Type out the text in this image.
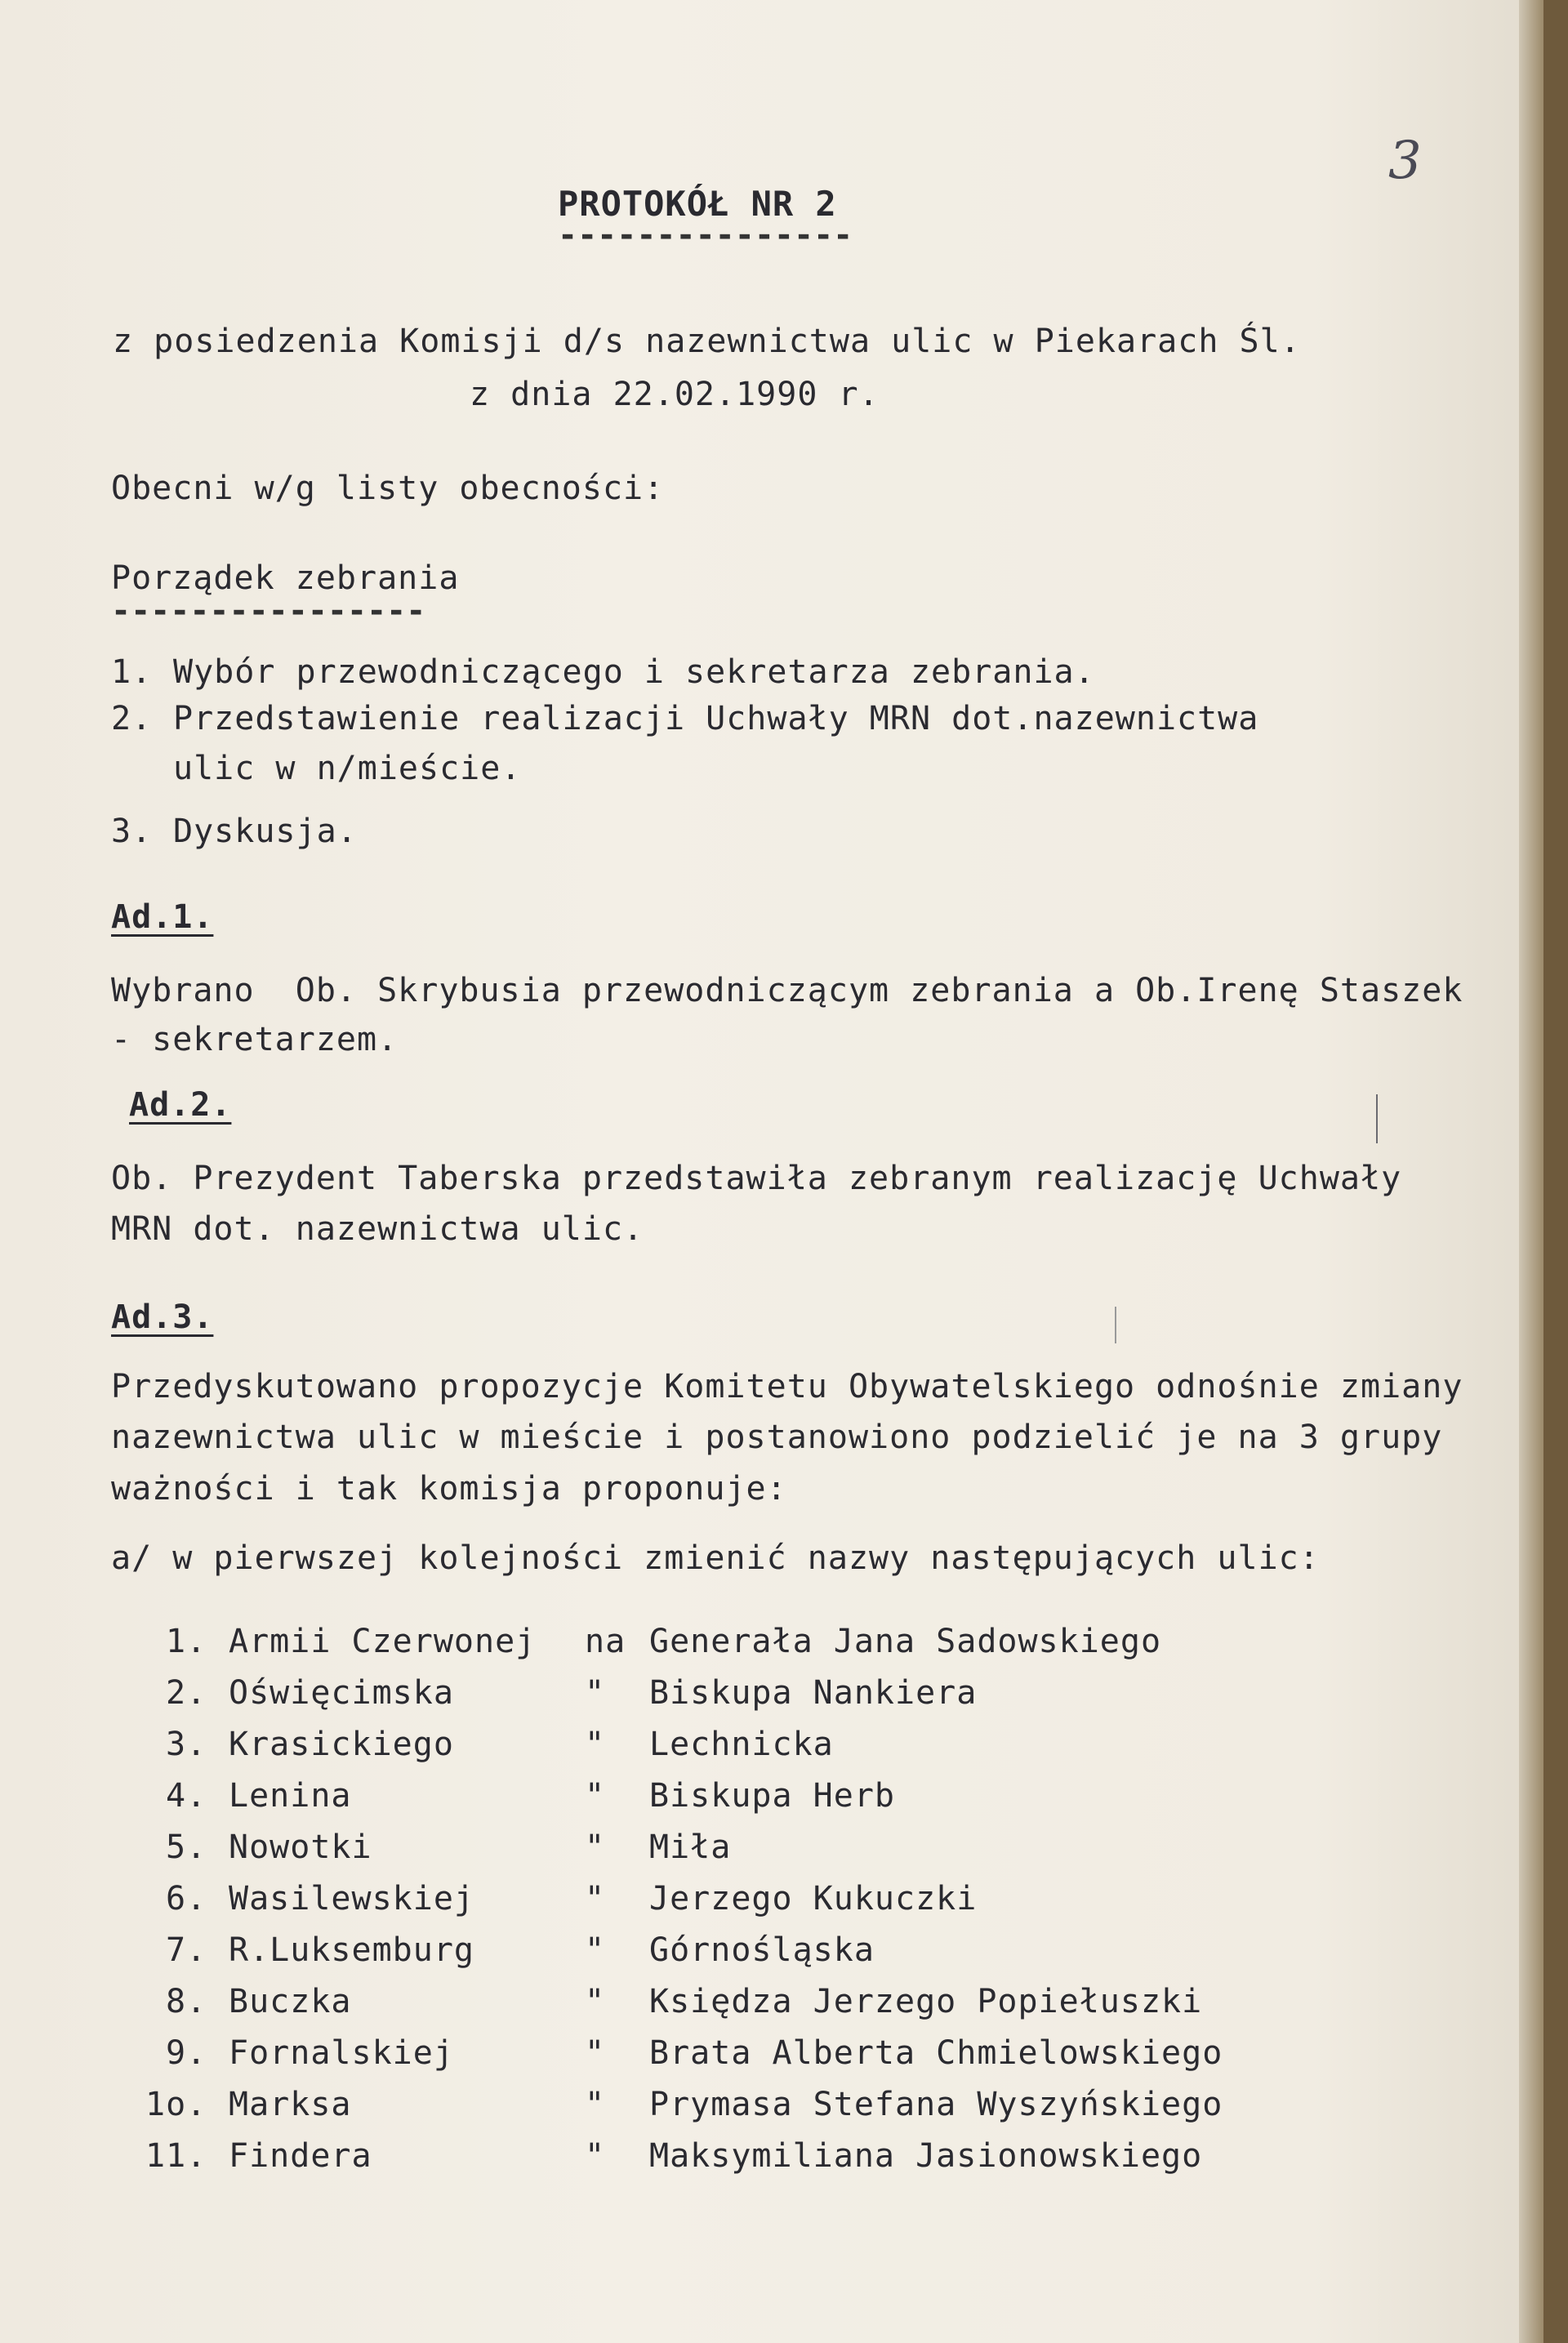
3
PROTOKÓŁ NR 2
---------------
z posiedzenia Komisji d/s nazewnictwa ulic w Piekarach Śl.
z dnia 22.02.1990 r.
Obecni w/g listy obecności:
Porządek zebrania
----------------
1. Wybór przewodniczącego i sekretarza zebrania.
2. Przedstawienie realizacji Uchwały MRN dot.nazewnictwa
ulic w n/mieście.
3. Dyskusja.
Ad.1.
Wybrano  Ob. Skrybusia przewodniczącym zebrania a Ob.Irenę Staszek
- sekretarzem.
Ad.2.
Ob. Prezydent Taberska przedstawiła zebranym realizację Uchwały
MRN dot. nazewnictwa ulic.
Ad.3.
Przedyskutowano propozycje Komitetu Obywatelskiego odnośnie zmiany
nazewnictwa ulic w mieście i postanowiono podzielić je na 3 grupy
ważności i tak komisja proponuje:
a/ w pierwszej kolejności zmienić nazwy następujących ulic:
1. Armii Czerwonej na Generała Jana Sadowskiego
2. Oświęcimska	" Biskupa Nankiera
3. Krasickiego	" Lechnicka
4. Lenina	" Biskupa Herb
5. Nowotki	" Miła
6. Wasilewskiej	" Jerzego Kukuczki
7. R.Luksemburg	" Górnośląska
8. Buczka	" Księdza Jerzego Popiełuszki
9. Fornalskiej	" Brata Alberta Chmielowskiego
1o. Marksa	" Prymasa Stefana Wyszyńskiego
11. Findera	" Maksymiliana Jasionowskiego
